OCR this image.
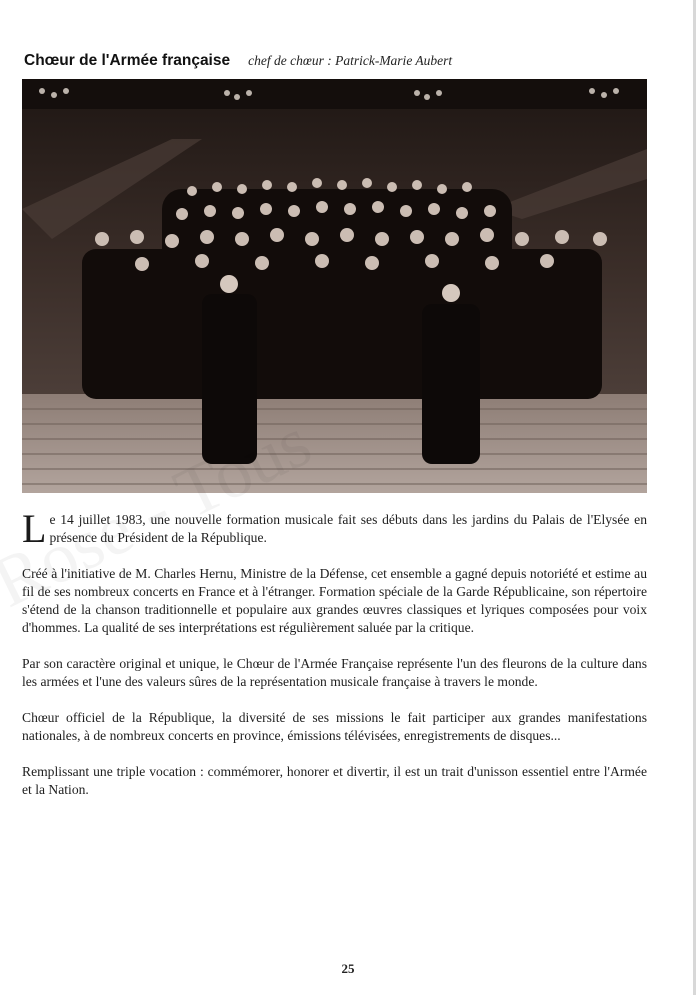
Chœur de l'Armée française chef de chœur : Patrick-Marie Aubert

Le 14 juillet 1983, une nouvelle formation musicale fait ses débuts dans les jardins du Palais de l'Elysée en présence du Président de la République.

Créé à l'initiative de M. Charles Hernu, Ministre de la Défense, cet ensemble a gagné depuis notoriété et estime au fil de ses nombreux concerts en France et à l'étranger. Formation spéciale de la Garde Républicaine, son répertoire s'étend de la chanson traditionnelle et populaire aux grandes œuvres classiques et lyriques composées pour voix d'hommes. La qualité de ses interprétations est régulièrement saluée par la critique.

Par son caractère original et unique, le Chœur de l'Armée Française représente l'un des fleurons de la culture dans les armées et l'une des valeurs sûres de la représentation musicale française à travers le monde.

Chœur officiel de la République, la diversité de ses missions le fait participer aux grandes manifestations nationales, à de nombreux concerts en province, émissions télévisées, enregistrements de disques...

Remplissant une triple vocation : commémorer, honorer et divertir, il est un trait d'unisson essentiel entre l'Armée et la Nation.

25
